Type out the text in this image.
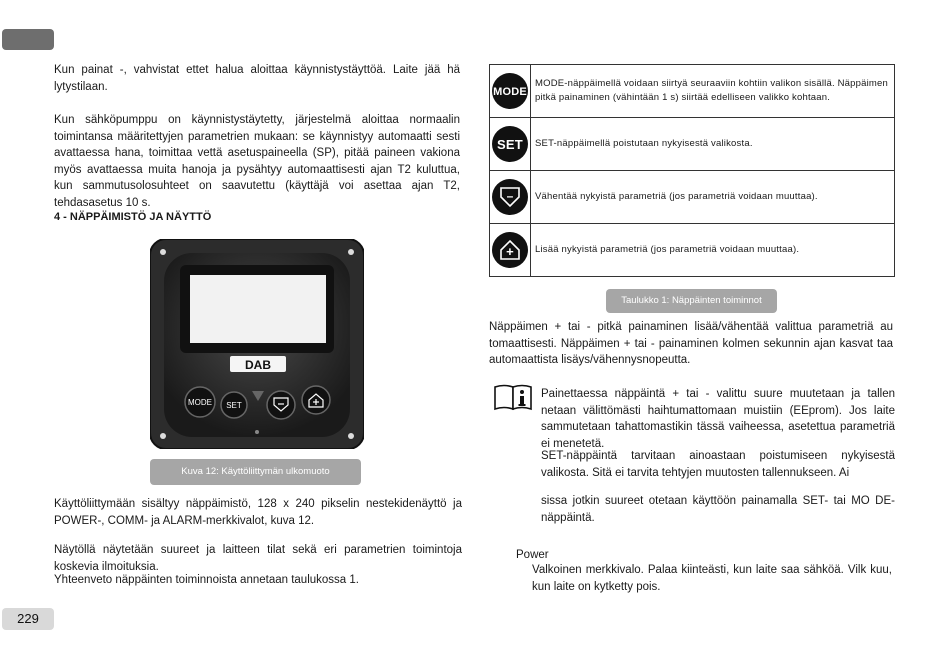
Kun painat -, vahvistat ettet halua aloittaa käynnistystäyttöä. Laite jää hä lytystilaan.
Kun sähköpumppu on käynnistystäytetty, järjestelmä aloittaa normaalin toimintansa määritettyjen parametrien mukaan: se käynnistyy automaatti sesti avattaessa hana, toimittaa vettä asetuspaineella (SP), pitää paineen vakiona myös avattaessa muita hanoja ja pysähtyy automaattisesti ajan T2 kuluttua, kun sammutusolosuhteet on saavutettu (käyttäjä voi asettaa ajan T2, tehdasasetus 10 s.
4 - NÄPPÄIMISTÖ JA NÄYTTÖ
DAB
MODE SET
Kuva 12: Käyttöliittymän ulkomuoto
Käyttöliittymään sisältyy näppäimistö, 128 x 240 pikselin nestekidenäyttö ja POWER-, COMM- ja ALARM-merkkivalot, kuva 12.
Näytöllä näytetään suureet ja laitteen tilat sekä eri parametrien toimintoja koskevia ilmoituksia.
Yhteenveto näppäinten toiminnoista annetaan taulukossa 1.
229
MODE	MODE-näppäimellä voidaan siirtyä seuraaviin kohtiin valikon sisällä. Näppäimen pitkä painaminen (vähintään 1 s) siirtää edelliseen valikko kohtaan.

SET	SET-näppäimellä poistutaan nykyisestä valikosta.

–	Vähentää nykyistä parametriä (jos parametriä voidaan muuttaa).

+	Lisää nykyistä parametriä (jos parametriä voidaan muuttaa).
Taulukko 1: Näppäinten toiminnot
Näppäimen + tai - pitkä painaminen lisää/vähentää valittua parametriä au tomaattisesti. Näppäimen + tai - painaminen kolmen sekunnin ajan kasvat taa automaattista lisäys/vähennysnopeutta.
Painettaessa näppäintä + tai - valittu suure muutetaan ja tallen netaan välittömästi haihtumattomaan muistiin (EEprom). Jos laite sammutetaan tahattomastikin tässä vaiheessa, asetettua parametriä ei menetetä.
SET-näppäintä tarvitaan ainoastaan poistumiseen nykyisestä valikosta. Sitä ei tarvita tehtyjen muutosten tallennukseen. Ai
sissa jotkin suureet otetaan käyttöön painamalla SET- tai MO DE-näppäintä.
Power
Valkoinen merkkivalo. Palaa kiinteästi, kun laite saa sähköä. Vilk kuu, kun laite on kytketty pois.
